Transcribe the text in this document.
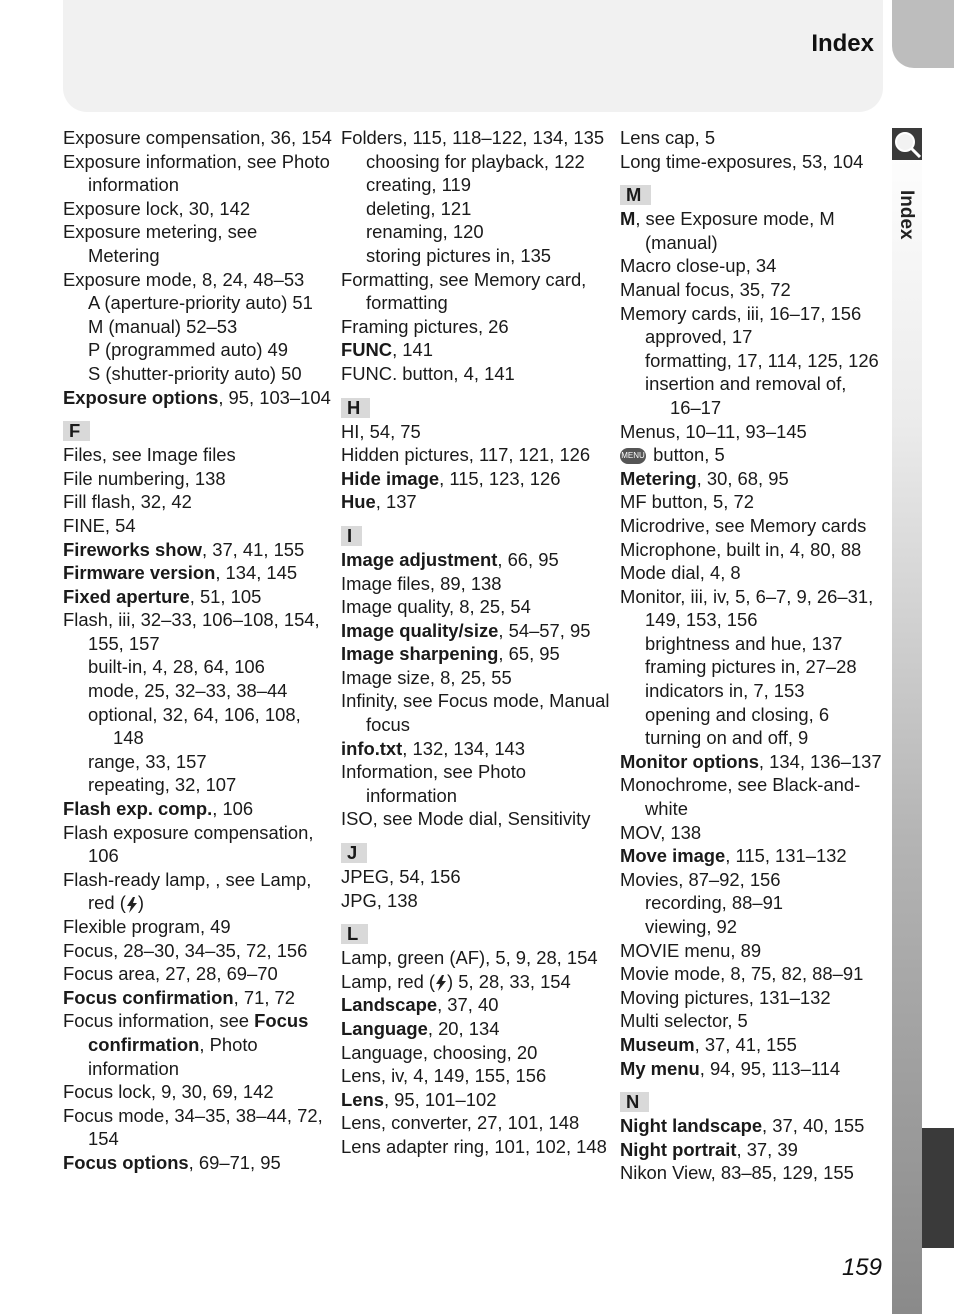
Index
Index
Exposure compensation, 36, 154
Exposure information, see Photo information
Exposure lock, 30, 142
Exposure metering, see Metering
Exposure mode, 8, 24, 48–53
A (aperture-priority auto) 51
M (manual) 52–53
P (programmed auto) 49
S (shutter-priority auto) 50
Exposure options, 95, 103–104
F
Files, see Image files
File numbering, 138
Fill flash, 32, 42
FINE, 54
Fireworks show, 37, 41, 155
Firmware version, 134, 145
Fixed aperture, 51, 105
Flash, iii, 32–33, 106–108, 154, 155, 157
built-in, 4, 28, 64, 106
mode, 25, 32–33, 38–44
optional, 32, 64, 106, 108, 148
range, 33, 157
repeating, 32, 107
Flash exp. comp., 106
Flash exposure compensation, 106
Flash-ready lamp, , see Lamp, red ( )
Flexible program, 49
Focus, 28–30, 34–35, 72, 156
Focus area, 27, 28, 69–70
Focus confirmation, 71, 72
Focus information, see Focus confirmation, Photo information
Focus lock, 9, 30, 69, 142
Focus mode, 34–35, 38–44, 72, 154
Focus options, 69–71, 95
Folders, 115, 118–122, 134, 135
choosing for playback, 122
creating, 119
deleting, 121
renaming, 120
storing pictures in, 135
Formatting, see Memory card, formatting
Framing pictures, 26
FUNC, 141
FUNC. button, 4, 141
H
HI, 54, 75
Hidden pictures, 117, 121, 126
Hide image, 115, 123, 126
Hue, 137
I
Image adjustment, 66, 95
Image files, 89, 138
Image quality, 8, 25, 54
Image quality/size, 54–57, 95
Image sharpening, 65, 95
Image size, 8, 25, 55
Infinity, see Focus mode, Manual focus
info.txt, 132, 134, 143
Information, see Photo information
ISO, see Mode dial, Sensitivity
J
JPEG, 54, 156
JPG, 138
L
Lamp, green (AF), 5, 9, 28, 154
Lamp, red ( ) 5, 28, 33, 154
Landscape, 37, 40
Language, 20, 134
Language, choosing, 20
Lens, iv, 4, 149, 155, 156
Lens, 95, 101–102
Lens, converter, 27, 101, 148
Lens adapter ring, 101, 102, 148
Lens cap, 5
Long time-exposures, 53, 104
M
M, see Exposure mode, M (manual)
Macro close-up, 34
Manual focus, 35, 72
Memory cards, iii, 16–17, 156
approved, 17
formatting, 17, 114, 125, 126
insertion and removal of, 16–17
Menus, 10–11, 93–145
MENU button, 5
Metering, 30, 68, 95
MF button, 5, 72
Microdrive, see Memory cards
Microphone, built in, 4, 80, 88
Mode dial, 4, 8
Monitor, iii, iv, 5, 6–7, 9, 26–31, 149, 153, 156
brightness and hue, 137
framing pictures in, 27–28
indicators in, 7, 153
opening and closing, 6
turning on and off, 9
Monitor options, 134, 136–137
Monochrome, see Black-and-white
MOV, 138
Move image, 115, 131–132
Movies, 87–92, 156
recording, 88–91
viewing, 92
MOVIE menu, 89
Movie mode, 8, 75, 82, 88–91
Moving pictures, 131–132
Multi selector, 5
Museum, 37, 41, 155
My menu, 94, 95, 113–114
N
Night landscape, 37, 40, 155
Night portrait, 37, 39
Nikon View, 83–85, 129, 155
159
